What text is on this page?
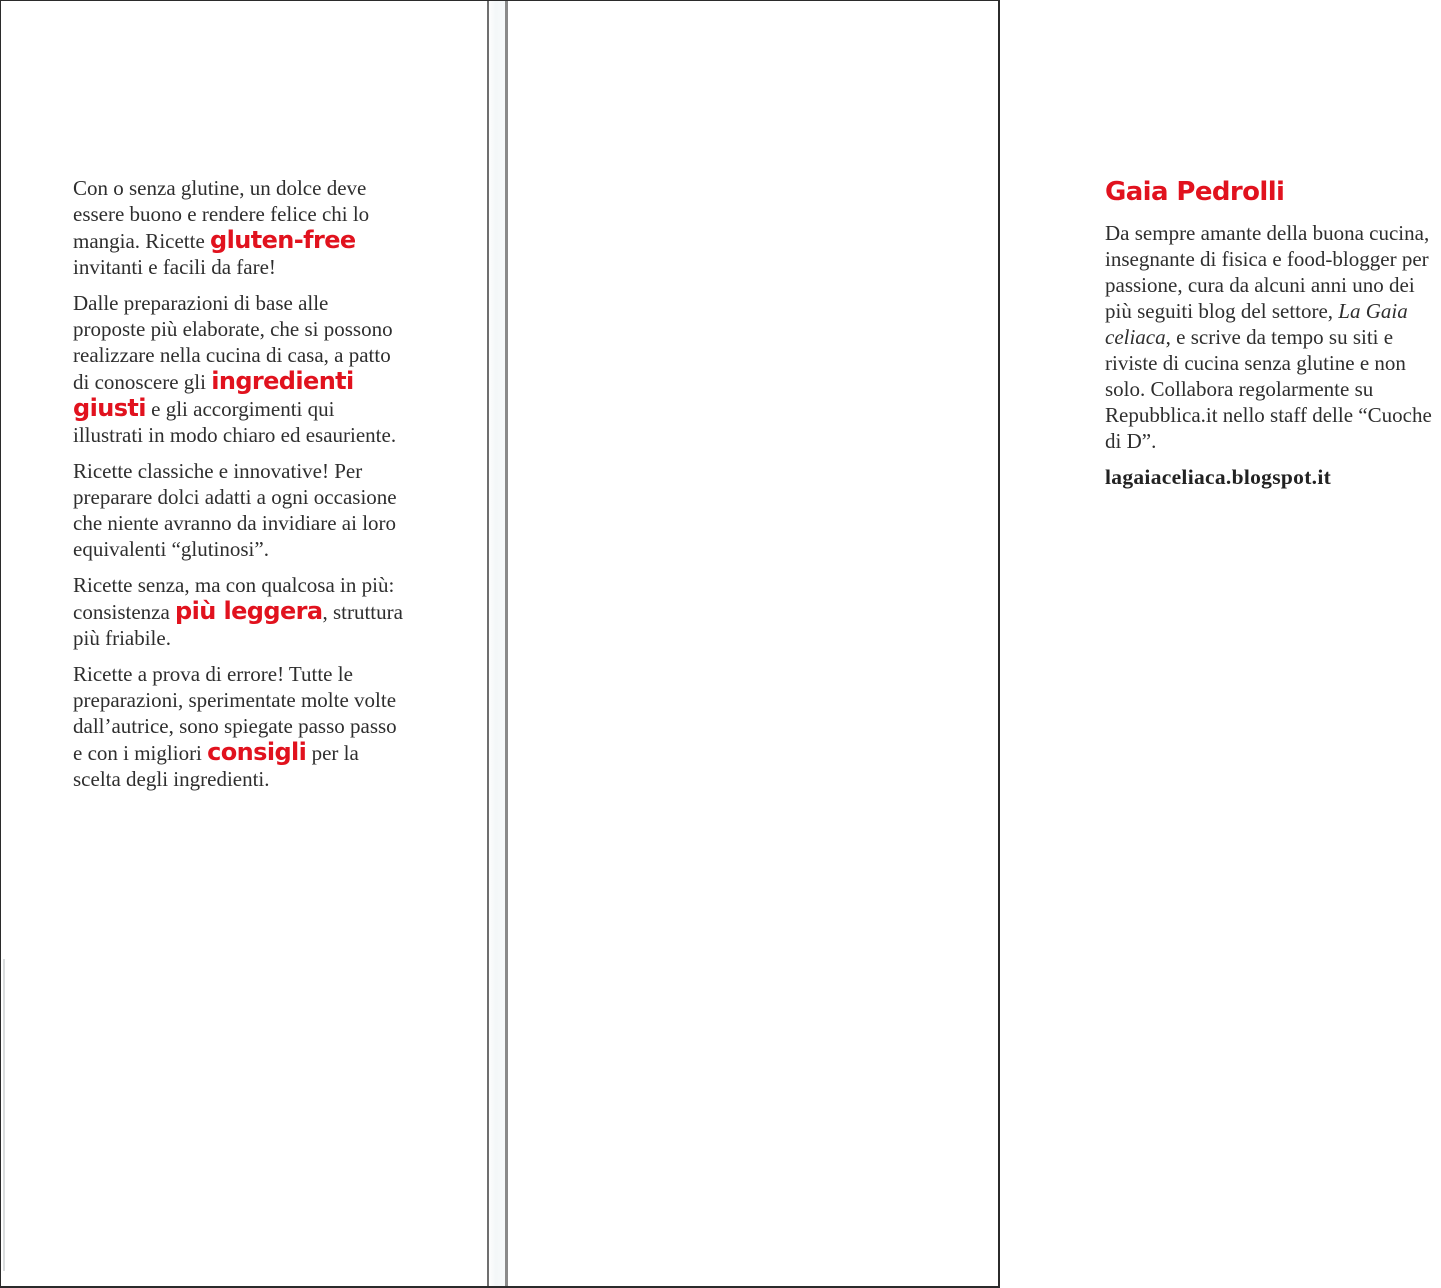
Con o senza glutine, un dolce deve essere buono e rendere felice chi lo mangia. Ricette gluten-free invitanti e facili da fare!

Dalle preparazioni di base alle proposte più elaborate, che si possono realizzare nella cucina di casa, a patto di conoscere gli ingredienti giusti e gli accorgimenti qui illustrati in modo chiaro ed esauriente.

Ricette classiche e innovative! Per preparare dolci adatti a ogni occasione che niente avranno da invidiare ai loro equivalenti “glutinosi”.

Ricette senza, ma con qualcosa in più: consistenza più leggera, struttura più friabile.

Ricette a prova di errore! Tutte le preparazioni, sperimentate molte volte dall’autrice, sono spiegate passo passo e con i migliori consigli per la scelta degli ingredienti.

Gaia Pedrolli

Da sempre amante della buona cucina, insegnante di fisica e food-blogger per passione, cura da alcuni anni uno dei più seguiti blog del settore, La Gaia celiaca, e scrive da tempo su siti e riviste di cucina senza glutine e non solo. Collabora regolarmente su Repubblica.it nello staff delle “Cuoche di D”.

lagaiaceliaca.blogspot.it
